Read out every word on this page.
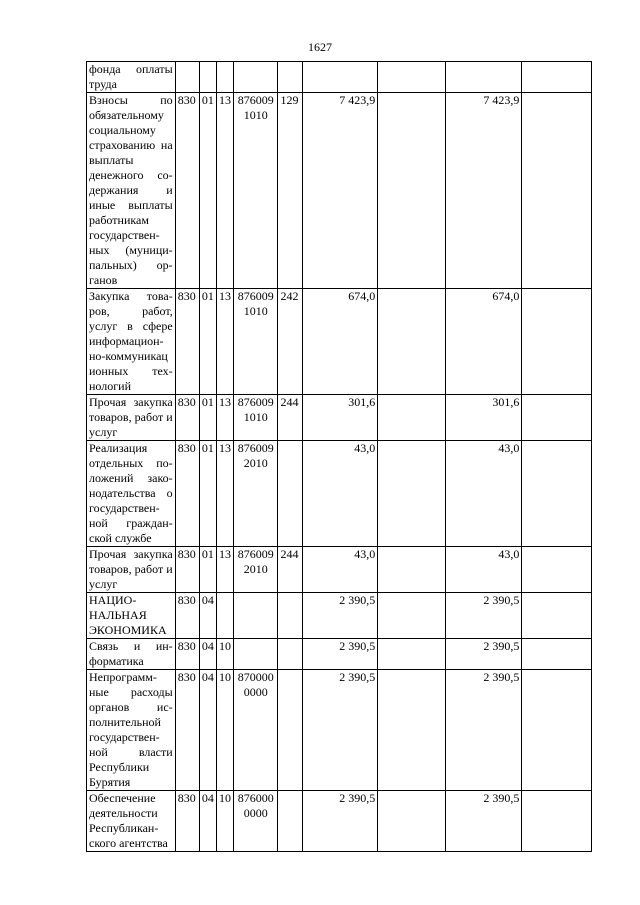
1627
фонда оплаты труда									
Взносы по обязательному социальному страхованию на выплаты денежного со-держания и иные выплаты работникам государствен-ных (муници-пальных) ор-ганов	830	01	13	876009 1010	129	7 423,9		7 423,9	
Закупка това-ров, работ, услуг в сфере информацион-но-коммуникац ионных тех-нологий	830	01	13	876009 1010	242	674,0		674,0	
Прочая закупка товаров, работ и услуг	830	01	13	876009 1010	244	301,6		301,6	
Реализация отдельных по-ложений зако-нодательства о государствен-ной граждан-ской службе	830	01	13	876009 2010		43,0		43,0	
Прочая закупка товаров, работ и услуг	830	01	13	876009 2010	244	43,0		43,0	
НАЦИО-НАЛЬНАЯ ЭКОНОМИКА	830	04				2 390,5		2 390,5	
Связь и ин-форматика	830	04	10			2 390,5		2 390,5	
Непрограмм-ные расходы органов ис-полнительной государствен-ной власти Республики Бурятия	830	04	10	870000 0000		2 390,5		2 390,5	
Обеспечение деятельности Республикан-ского агентства	830	04	10	876000 0000		2 390,5		2 390,5	
